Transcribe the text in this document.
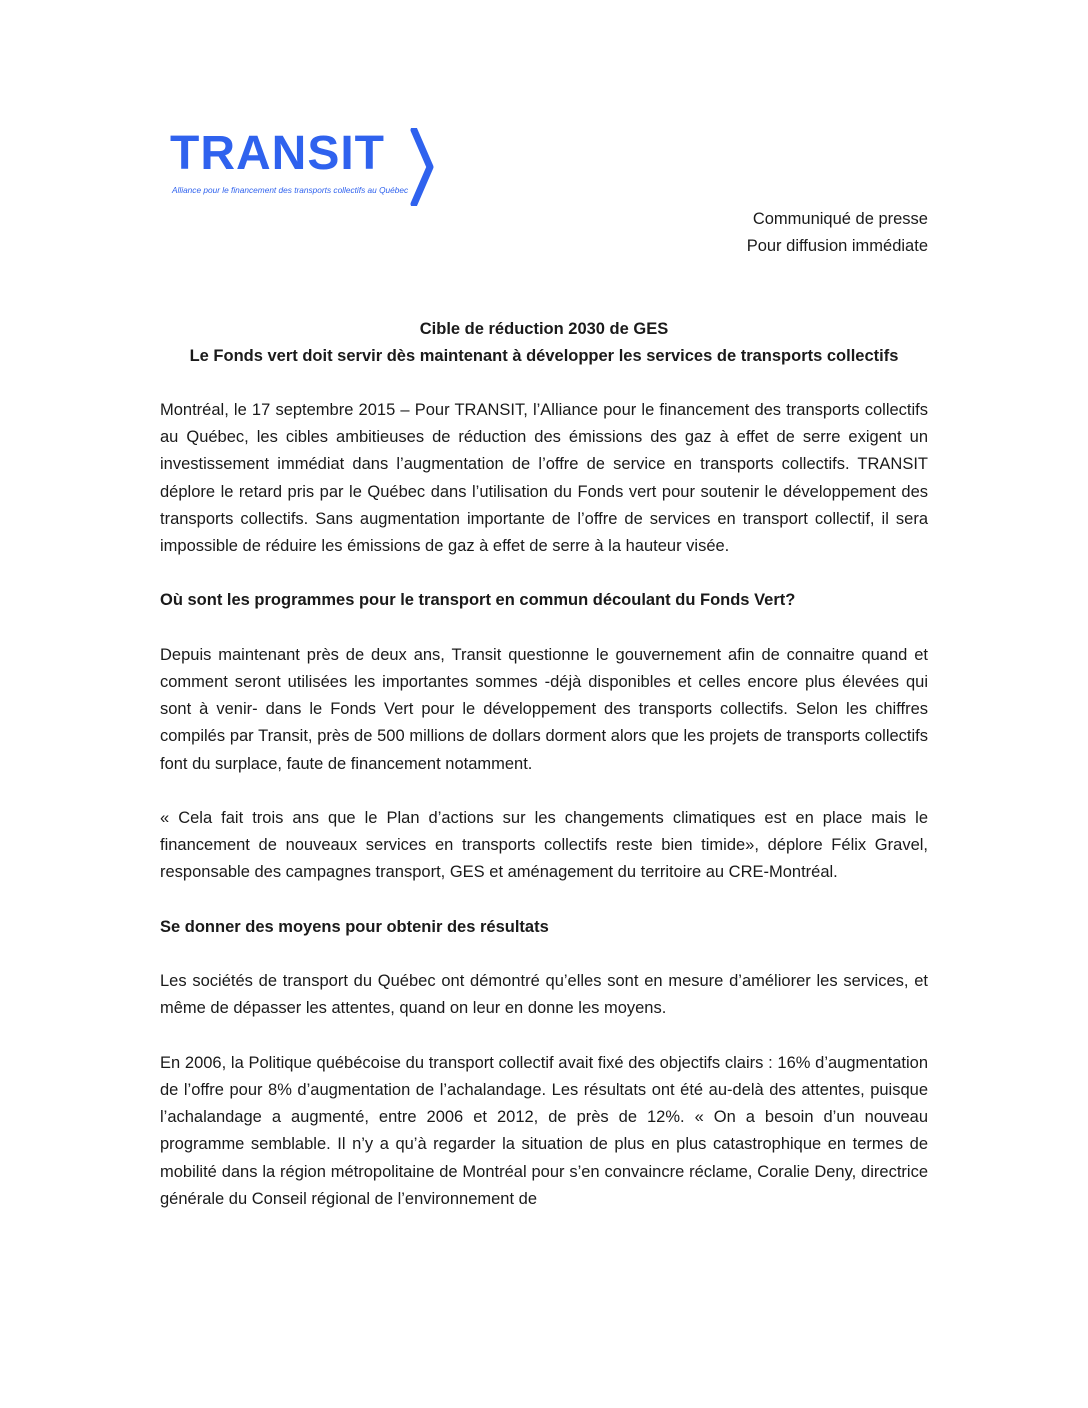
TRANSIT
Alliance pour le financement des transports collectifs au Québec
Communiqué de presse
Pour diffusion immédiate
Cible de réduction 2030 de GES
Le Fonds vert doit servir dès maintenant à développer les services de transports collectifs

Montréal, le 17 septembre 2015 – Pour TRANSIT, l’Alliance pour le financement des transports collectifs au Québec, les cibles ambitieuses de réduction des émissions des gaz à effet de serre exigent un investissement immédiat dans l’augmentation de l’offre de service en transports collectifs. TRANSIT déplore le retard pris par le Québec dans l’utilisation du Fonds vert pour soutenir le développement des transports collectifs. Sans augmentation importante de l’offre de services en transport collectif, il sera impossible de réduire les émissions de gaz à effet de serre à la hauteur visée.

Où sont les programmes pour le transport en commun découlant du Fonds Vert?

Depuis maintenant près de deux ans, Transit questionne le gouvernement afin de connaitre quand et comment seront utilisées les importantes sommes -déjà disponibles et celles encore plus élevées qui sont à venir- dans le Fonds Vert pour le développement des transports collectifs. Selon les chiffres compilés par Transit, près de 500 millions de dollars dorment alors que les projets de transports collectifs font du surplace, faute de financement notamment.

« Cela fait trois ans que le Plan d’actions sur les changements climatiques est en place mais le financement de nouveaux services en transports collectifs reste bien timide», déplore Félix Gravel, responsable des campagnes transport, GES et aménagement du territoire au CRE-Montréal.

Se donner des moyens pour obtenir des résultats

Les sociétés de transport du Québec ont démontré qu’elles sont en mesure d’améliorer les services, et même de dépasser les attentes, quand on leur en donne les moyens.

En 2006, la Politique québécoise du transport collectif avait fixé des objectifs clairs : 16% d’augmentation de l’offre pour 8% d’augmentation de l’achalandage. Les résultats ont été au-delà des attentes, puisque l’achalandage a augmenté, entre 2006 et 2012, de près de 12%. « On a besoin d’un nouveau programme semblable. Il n’y a qu’à regarder la situation de plus en plus catastrophique en termes de mobilité dans la région métropolitaine de Montréal pour s’en convaincre réclame, Coralie Deny, directrice générale du Conseil régional de l’environnement de
